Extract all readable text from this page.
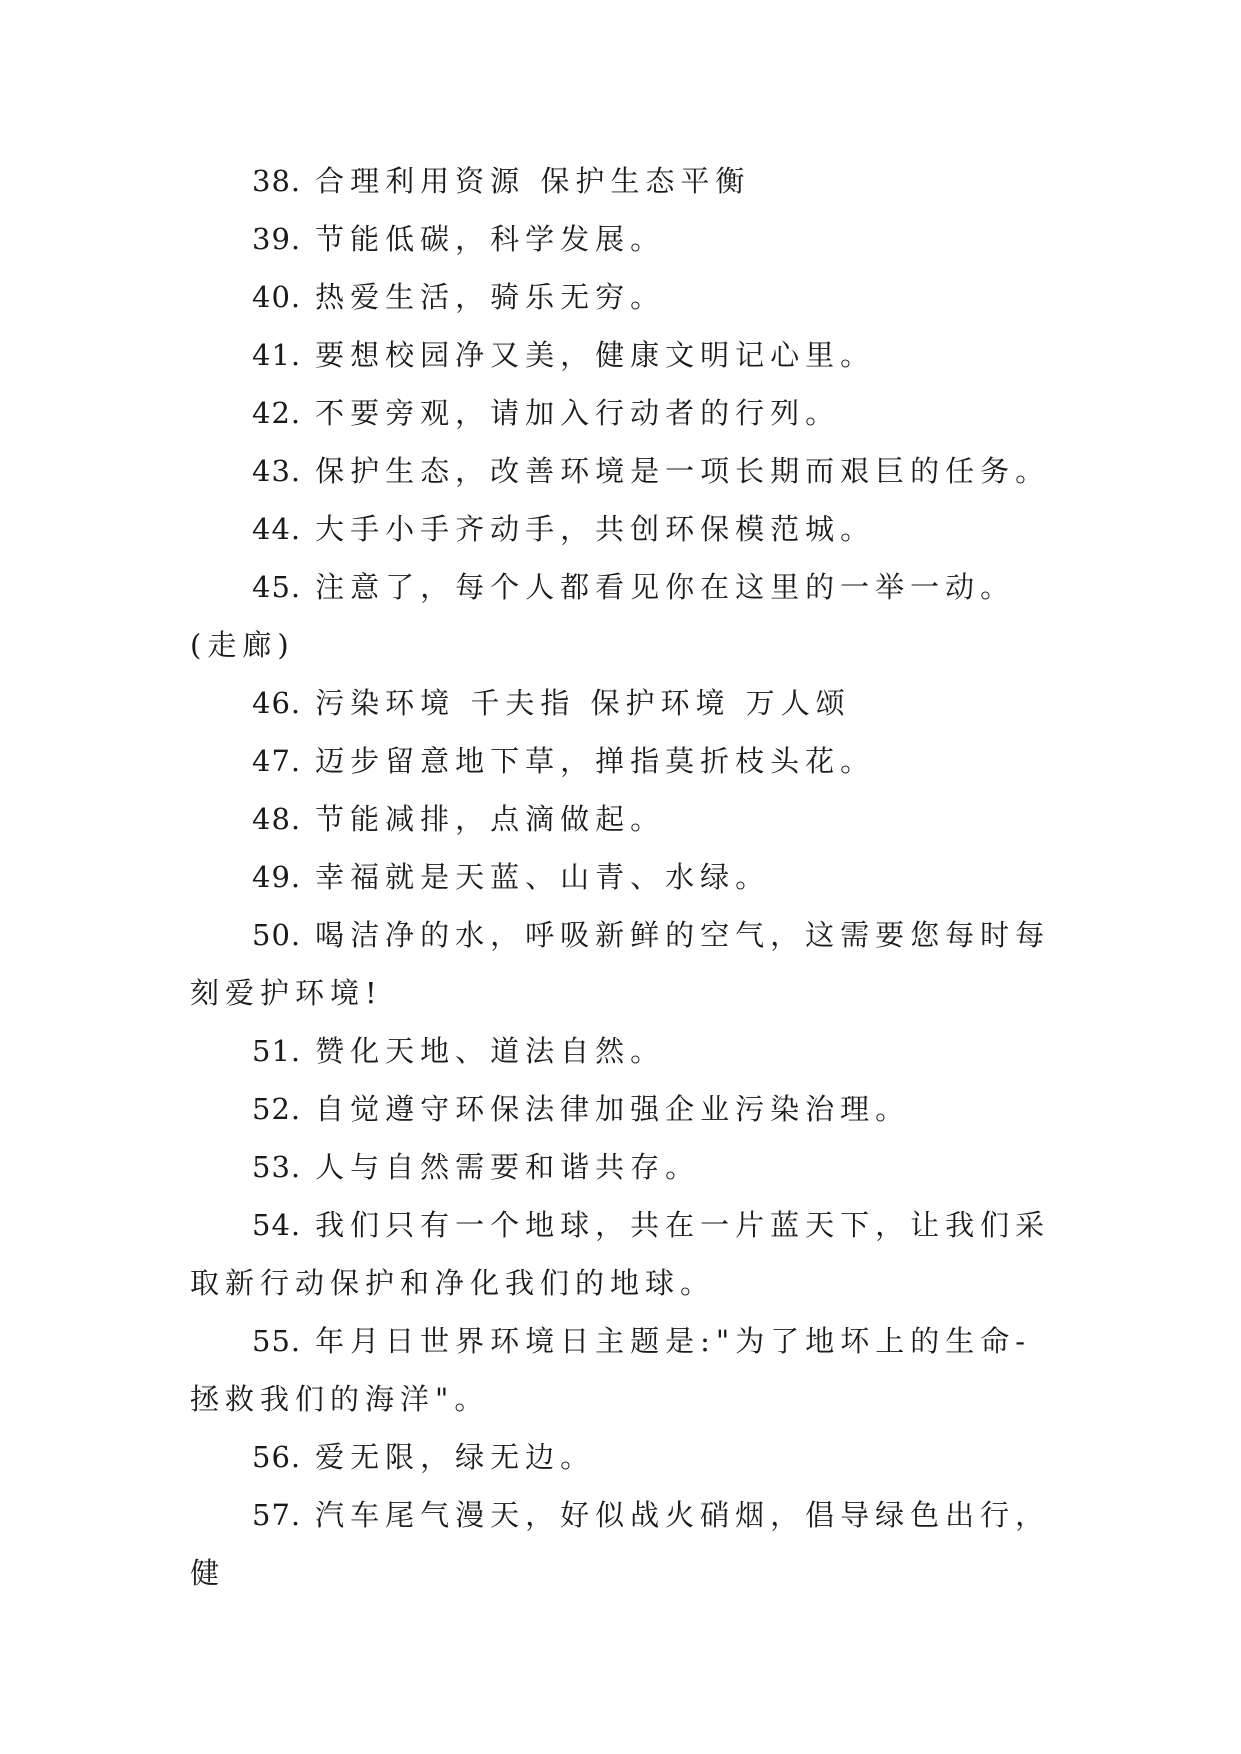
38. 合理利用资源 保护生态平衡

39. 节能低碳，科学发展。

40. 热爱生活，骑乐无穷。

41. 要想校园净又美，健康文明记心里。

42. 不要旁观，请加入行动者的行列。

43. 保护生态，改善环境是一项长期而艰巨的任务。

44. 大手小手齐动手，共创环保模范城。

45. 注意了，每个人都看见你在这里的一举一动。(走廊)

46. 污染环境 千夫指 保护环境 万人颂

47. 迈步留意地下草，掸指莫折枝头花。

48. 节能减排，点滴做起。

49. 幸福就是天蓝、山青、水绿。

50. 喝洁净的水，呼吸新鲜的空气，这需要您每时每刻爱护环境!

51. 赞化天地、道法自然。

52. 自觉遵守环保法律加强企业污染治理。

53. 人与自然需要和谐共存。

54. 我们只有一个地球，共在一片蓝天下，让我们采取新行动保护和净化我们的地球。

55. 年月日世界环境日主题是:"为了地坏上的生命-拯救我们的海洋"。

56. 爱无限，绿无边。

57. 汽车尾气漫天，好似战火硝烟，倡导绿色出行，健
